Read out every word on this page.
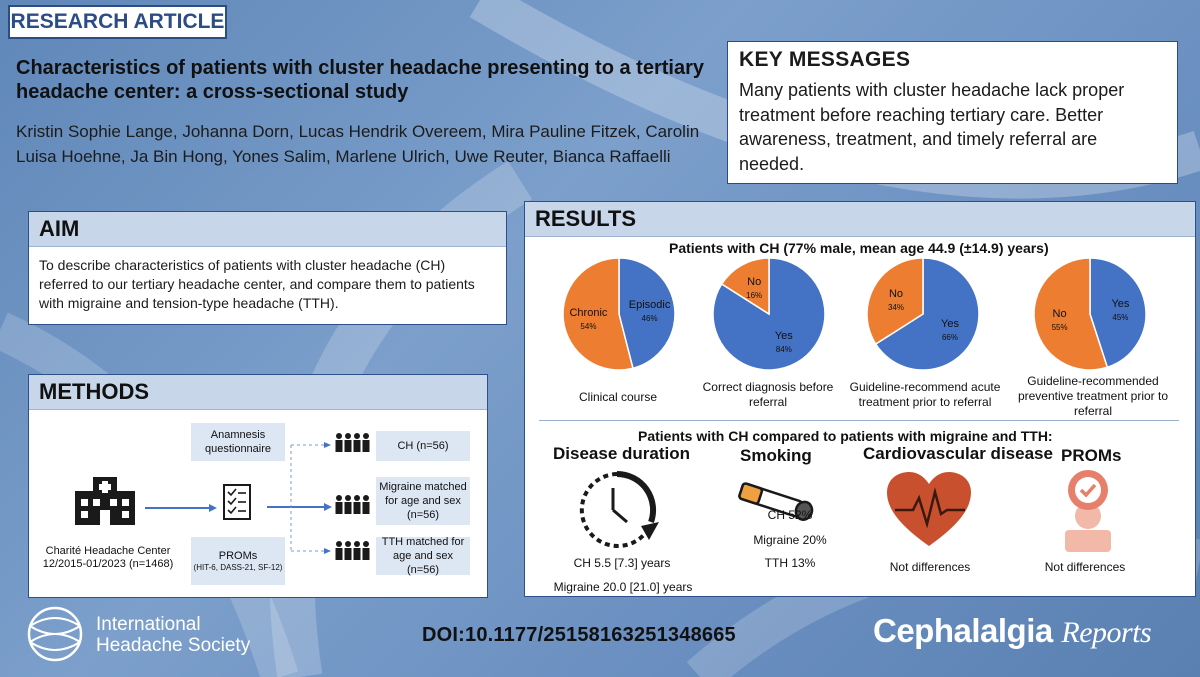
RESEARCH ARTICLE
Characteristics of patients with cluster headache presenting to a tertiary headache center: a cross-sectional study
Kristin Sophie Lange, Johanna Dorn, Lucas Hendrik Overeem, Mira Pauline Fitzek, Carolin Luisa Hoehne, Ja Bin Hong, Yones Salim, Marlene Ulrich, Uwe Reuter, Bianca Raffaelli
KEY MESSAGES
Many patients with cluster headache lack proper treatment before reaching tertiary care. Better awareness, treatment, and timely referral are needed.
AIM
To describe characteristics of patients with cluster headache (CH) referred to our tertiary headache center, and compare them to patients with migraine and tension-type headache (TTH).
METHODS
Anamnesis questionnaire
PROMs
(HIT-6, DASS-21, SF-12)
CH (n=56)
Migraine matched for age and sex (n=56)
TTH matched for age and sex (n=56)
Charité Headache Center 12/2015-01/2023 (n=1468)
RESULTS
Patients with CH (77% male, mean age 44.9 (±14.9) years)
Episodic
46%
Chronic
54%
Yes
84%
No
16%
Yes
66%
No
34%	Yes
45%
No
55%
Clinical course
Correct diagnosis before referral
Guideline-recommend acute treatment prior to referral
Guideline-recommended preventive treatment prior to referral
Patients with CH compared to patients with migraine and TTH:
Disease duration	Smoking	Cardiovascular disease PROMs
CH 5.5 [7.3] years
Migraine 20.0 [21.0] years
CH 52%
Migraine 20%
TTH 13%	Not differences	Not differences
International
Headache Society	DOI:10.1177/25158163251348665	Cephalalgia Reports
